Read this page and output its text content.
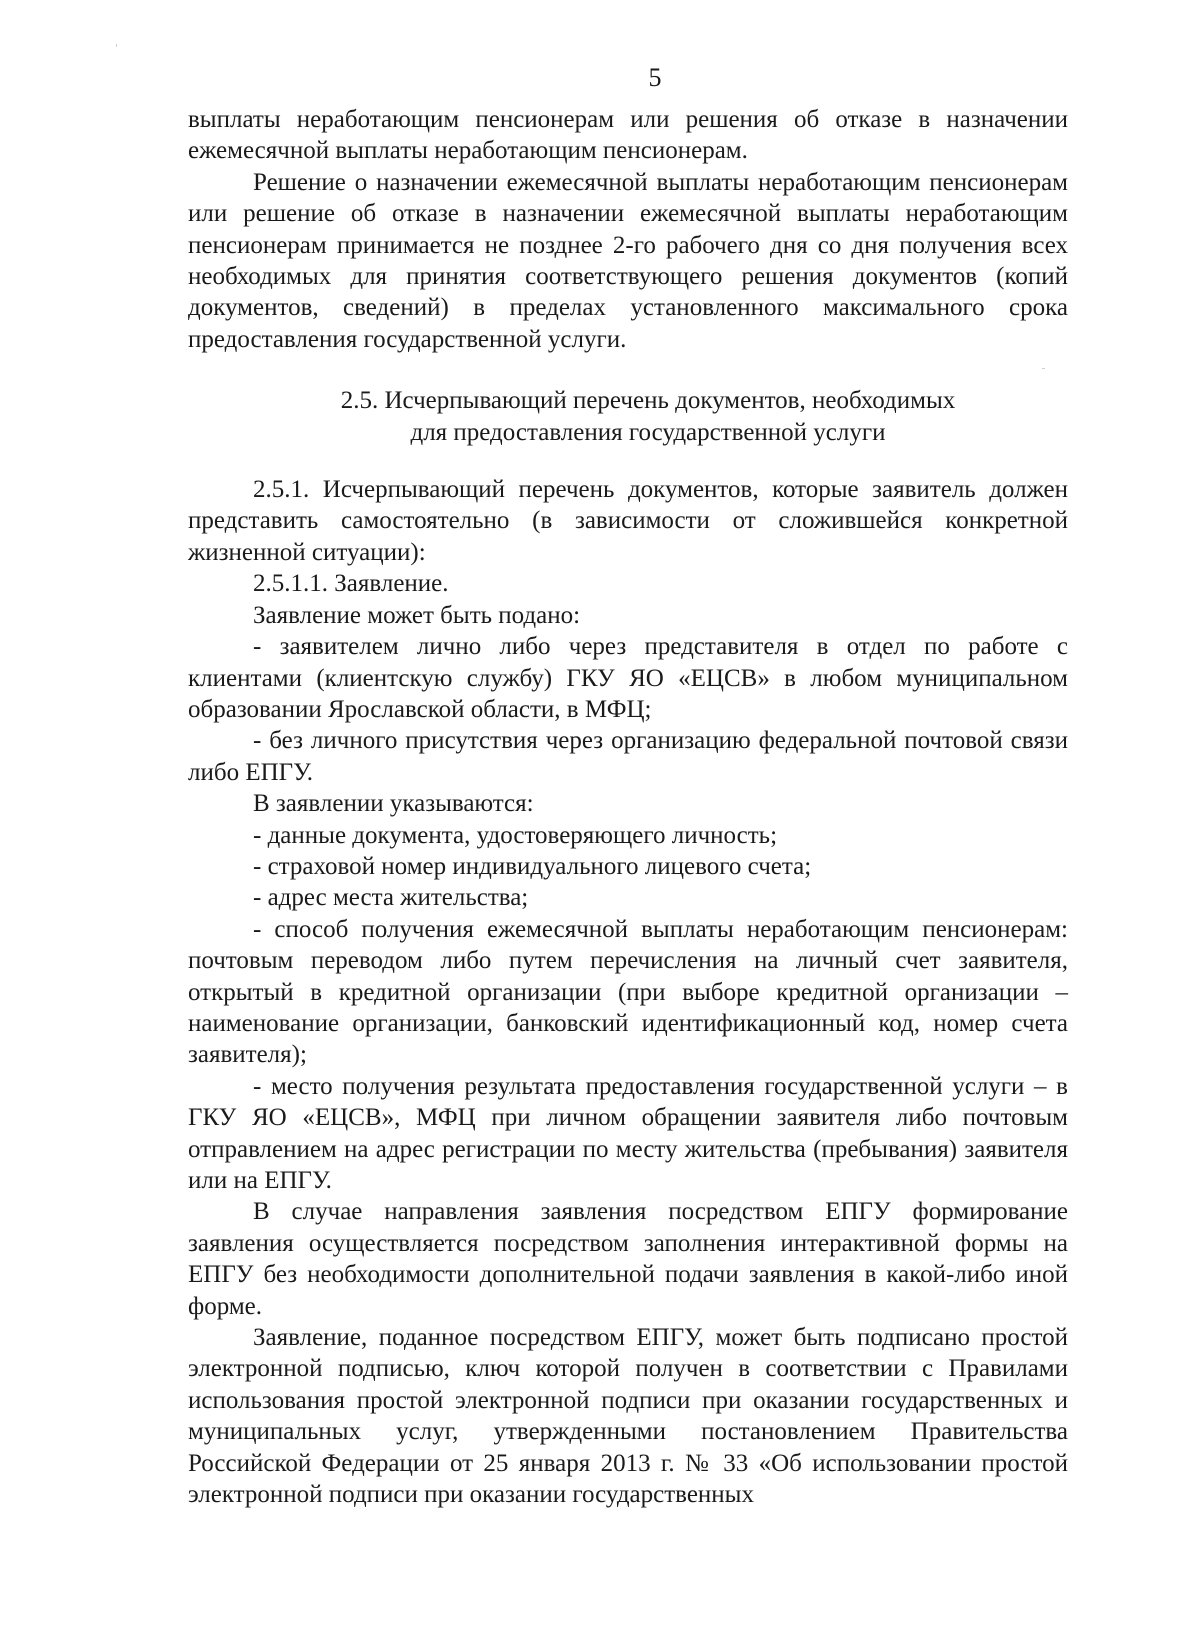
5

выплаты неработающим пенсионерам или решения об отказе в назначении ежемесячной выплаты неработающим пенсионерам.

Решение о назначении ежемесячной выплаты неработающим пенсионерам или решение об отказе в назначении ежемесячной выплаты неработающим пенсионерам принимается не позднее 2-го рабочего дня со дня получения всех необходимых для принятия соответствующего решения документов (копий документов, сведений) в пределах установленного максимального срока предоставления государственной услуги.

2.5. Исчерпывающий перечень документов, необходимых
для предоставления государственной услуги

2.5.1. Исчерпывающий перечень документов, которые заявитель должен представить самостоятельно (в зависимости от сложившейся конкретной жизненной ситуации):

2.5.1.1. Заявление.

Заявление может быть подано:

- заявителем лично либо через представителя в отдел по работе с клиентами (клиентскую службу) ГКУ ЯО «ЕЦСВ» в любом муниципальном образовании Ярославской области, в МФЦ;

- без личного присутствия через организацию федеральной почтовой связи либо ЕПГУ.

В заявлении указываются:

- данные документа, удостоверяющего личность;

- страховой номер индивидуального лицевого счета;

- адрес места жительства;

- способ получения ежемесячной выплаты неработающим пенсионерам: почтовым переводом либо путем перечисления на личный счет заявителя, открытый в кредитной организации (при выборе кредитной организации – наименование организации, банковский идентификационный код, номер счета заявителя);

- место получения результата предоставления государственной услуги – в ГКУ ЯО «ЕЦСВ», МФЦ при личном обращении заявителя либо почтовым отправлением на адрес регистрации по месту жительства (пребывания) заявителя или на ЕПГУ.

В случае направления заявления посредством ЕПГУ формирование заявления осуществляется посредством заполнения интерактивной формы на ЕПГУ без необходимости дополнительной подачи заявления в какой-либо иной форме.

Заявление, поданное посредством ЕПГУ, может быть подписано простой электронной подписью, ключ которой получен в соответствии с Правилами использования простой электронной подписи при оказании государственных и муниципальных услуг, утвержденными постановлением Правительства Российской Федерации от 25 января 2013 г. № 33 «Об использовании простой электронной подписи при оказании государственных
